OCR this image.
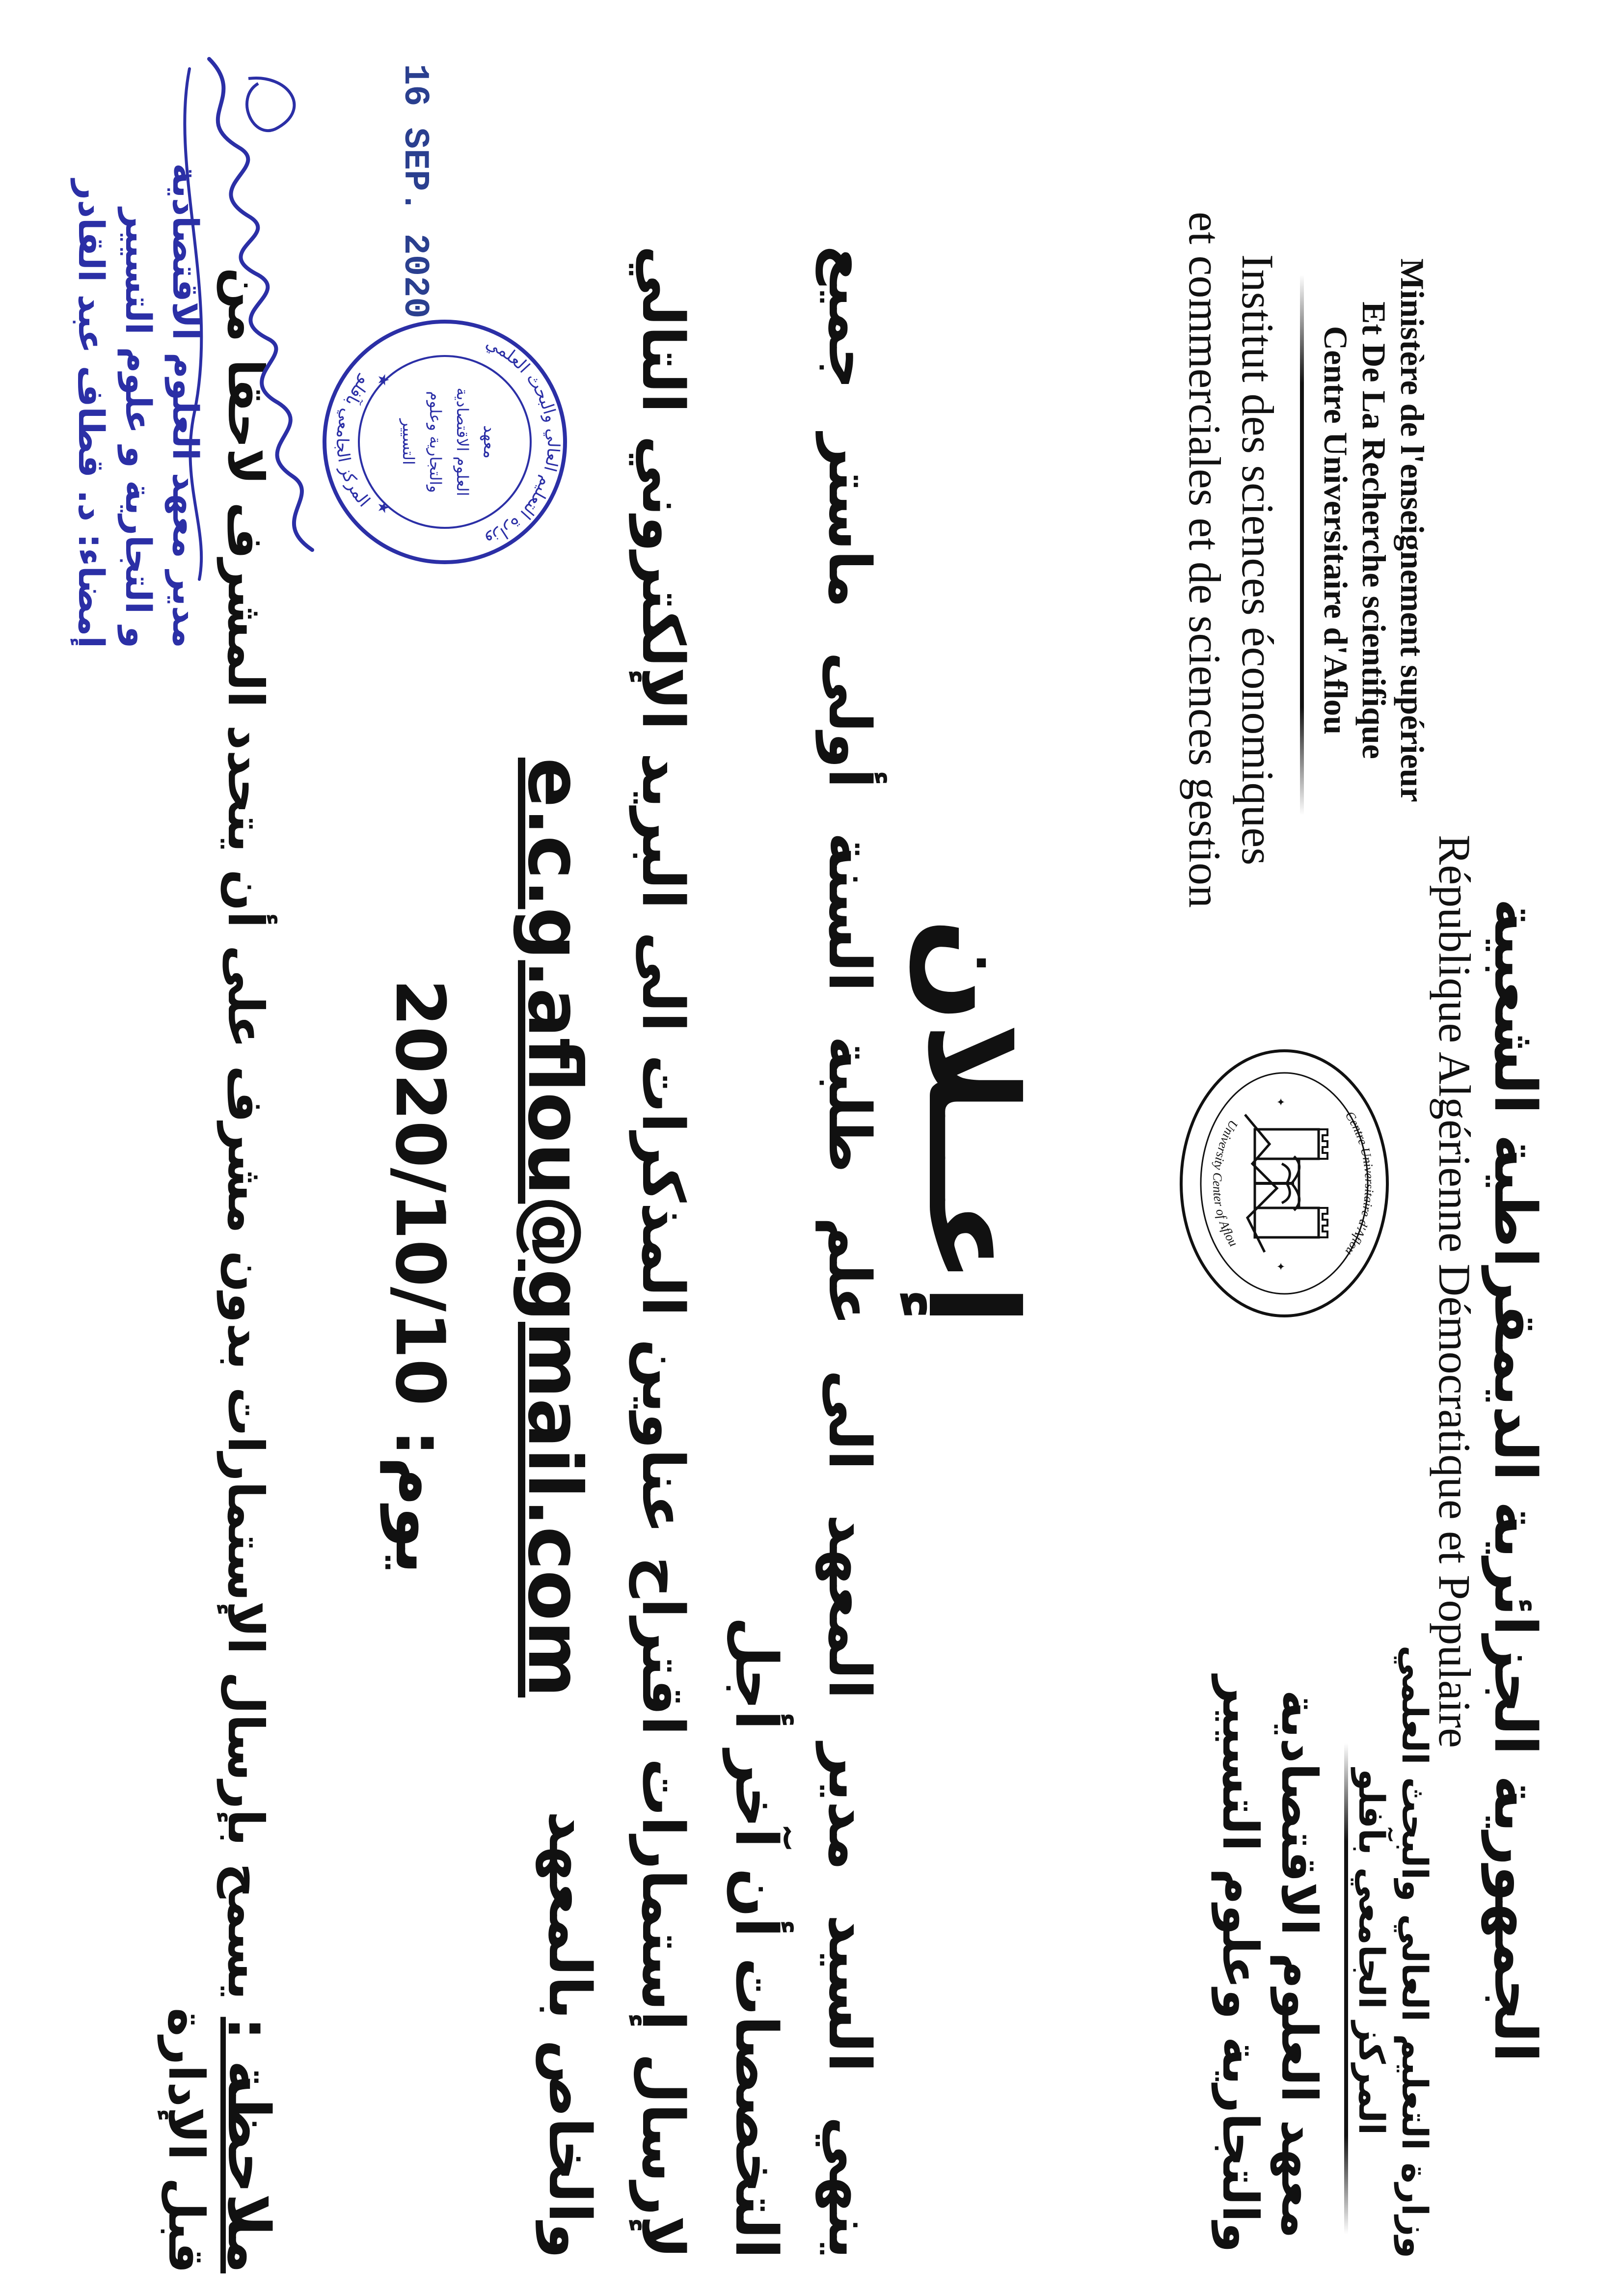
الجمهورية الجزائرية الديمقراطية الشعبية
République Algérienne Démocratique et Populaire
Ministère de l'enseignement supérieur
Et De La Recherche scientifique
Centre Universitaire d'Aflou
Institut des sciences économiques
et commerciales et de sciences gestion
وزارة التعليم العالي والبحث العلمي
المركز الجامعي بآفلو
معهد العلوم الاقتصادية
والتجارية وعلوم التسيير
Centre Universitaire d'Aflou
University Center of Aflou
✦
✦
إعــلان
ينهي السيد مدير المعهد الى علم طلبة السنة أولى ماستر جميع التخصصات أن آخر أجل
لإرسال إستمارات اقتراح عناوين المذكرات الى البريد الإلكتروني التالي والخاص بالمعهد
e.c.g.aflou@gmail.com
يوم: 2020/10/10
ملاحظة : يسمح بإرسال الإستمارات بدون مشرف على أن يتحدد المشرف لاحقا من قبل الإدارة
وزارة التعليم العالي والبحث العلمي
المركز الجامعي بآفلو
معهد
العلوم الاقتصادية
والتجارية وعلوم
التسيير
★
★
16 SEP. 2020
مدير معهد العلوم الاقتصادية
و التجارية و علوم التسيير
إمضاء: د. قطاف عبد القادر
